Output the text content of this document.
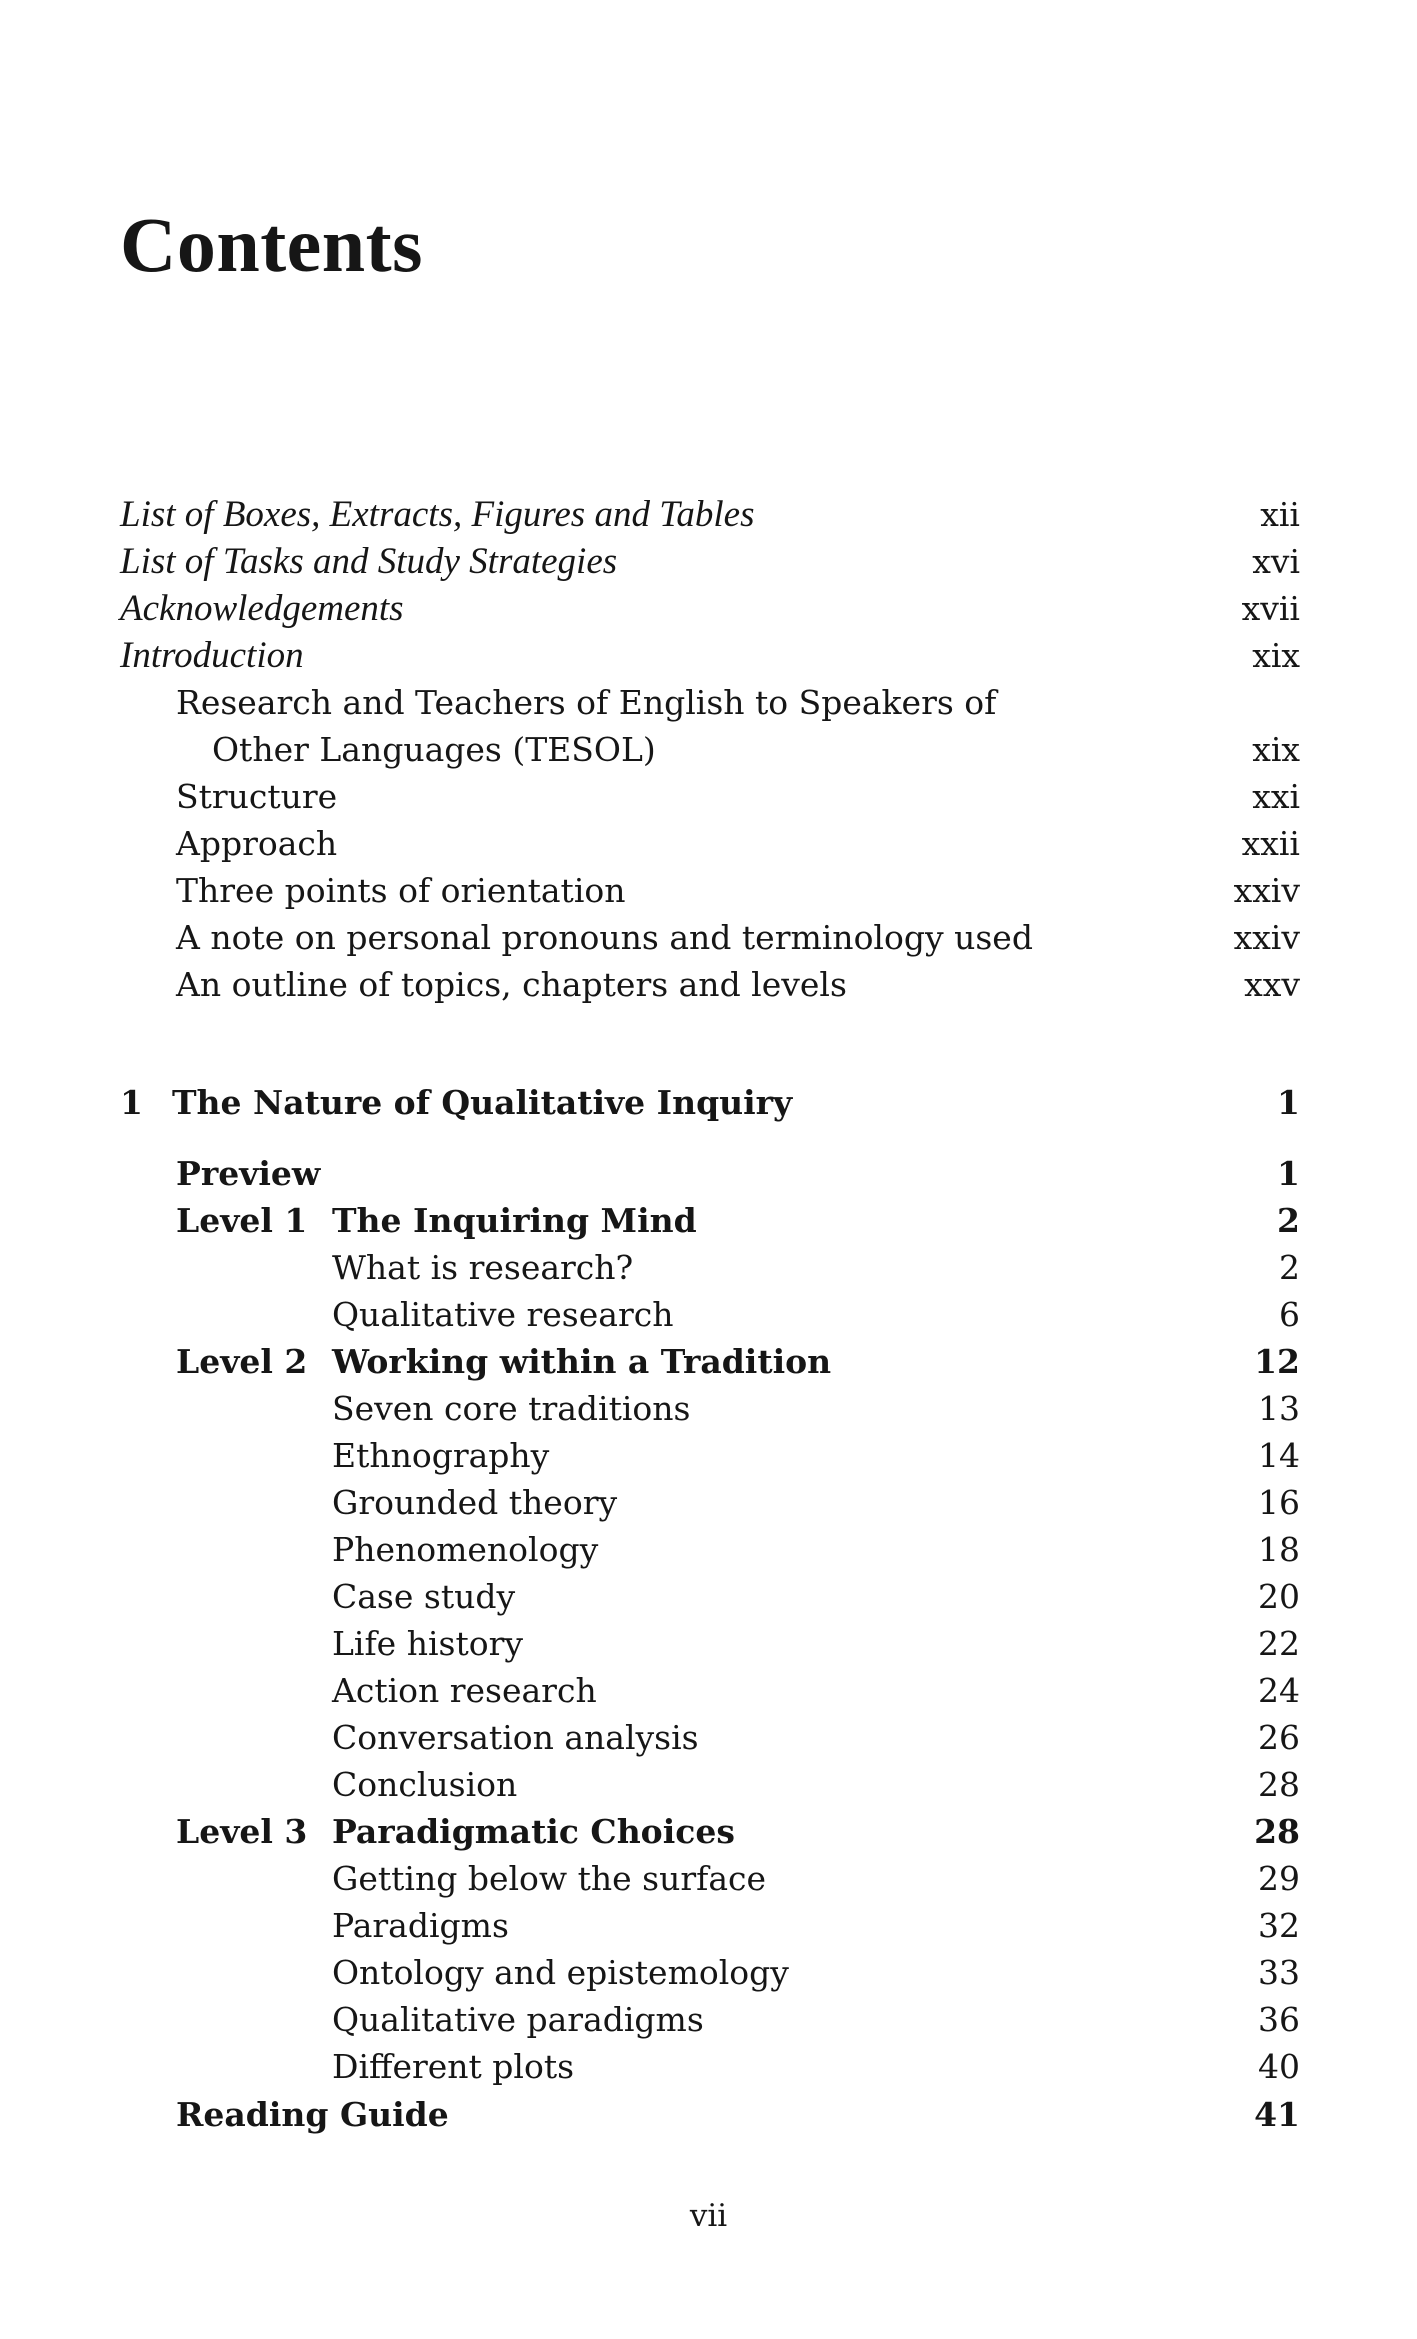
Contents
List of Boxes, Extracts, Figures and Tables	xii
List of Tasks and Study Strategies	xvi
Acknowledgements	xvii
Introduction	xix
Research and Teachers of English to Speakers of
Other Languages (TESOL)	xix
Structure	xxi
Approach	xxii
Three points of orientation	xxiv
A note on personal pronouns and terminology used	xxiv
An outline of topics, chapters and levels	xxv
1 The Nature of Qualitative Inquiry	1
Preview	1
Level 1 The Inquiring Mind	2
What is research?	2
Qualitative research	6
Level 2 Working within a Tradition	12
Seven core traditions	13
Ethnography	14
Grounded theory	16
Phenomenology	18
Case study	20
Life history	22
Action research	24
Conversation analysis	26
Conclusion	28
Level 3 Paradigmatic Choices	28
Getting below the surface	29
Paradigms	32
Ontology and epistemology	33
Qualitative paradigms	36
Different plots	40
Reading Guide	41
vii
